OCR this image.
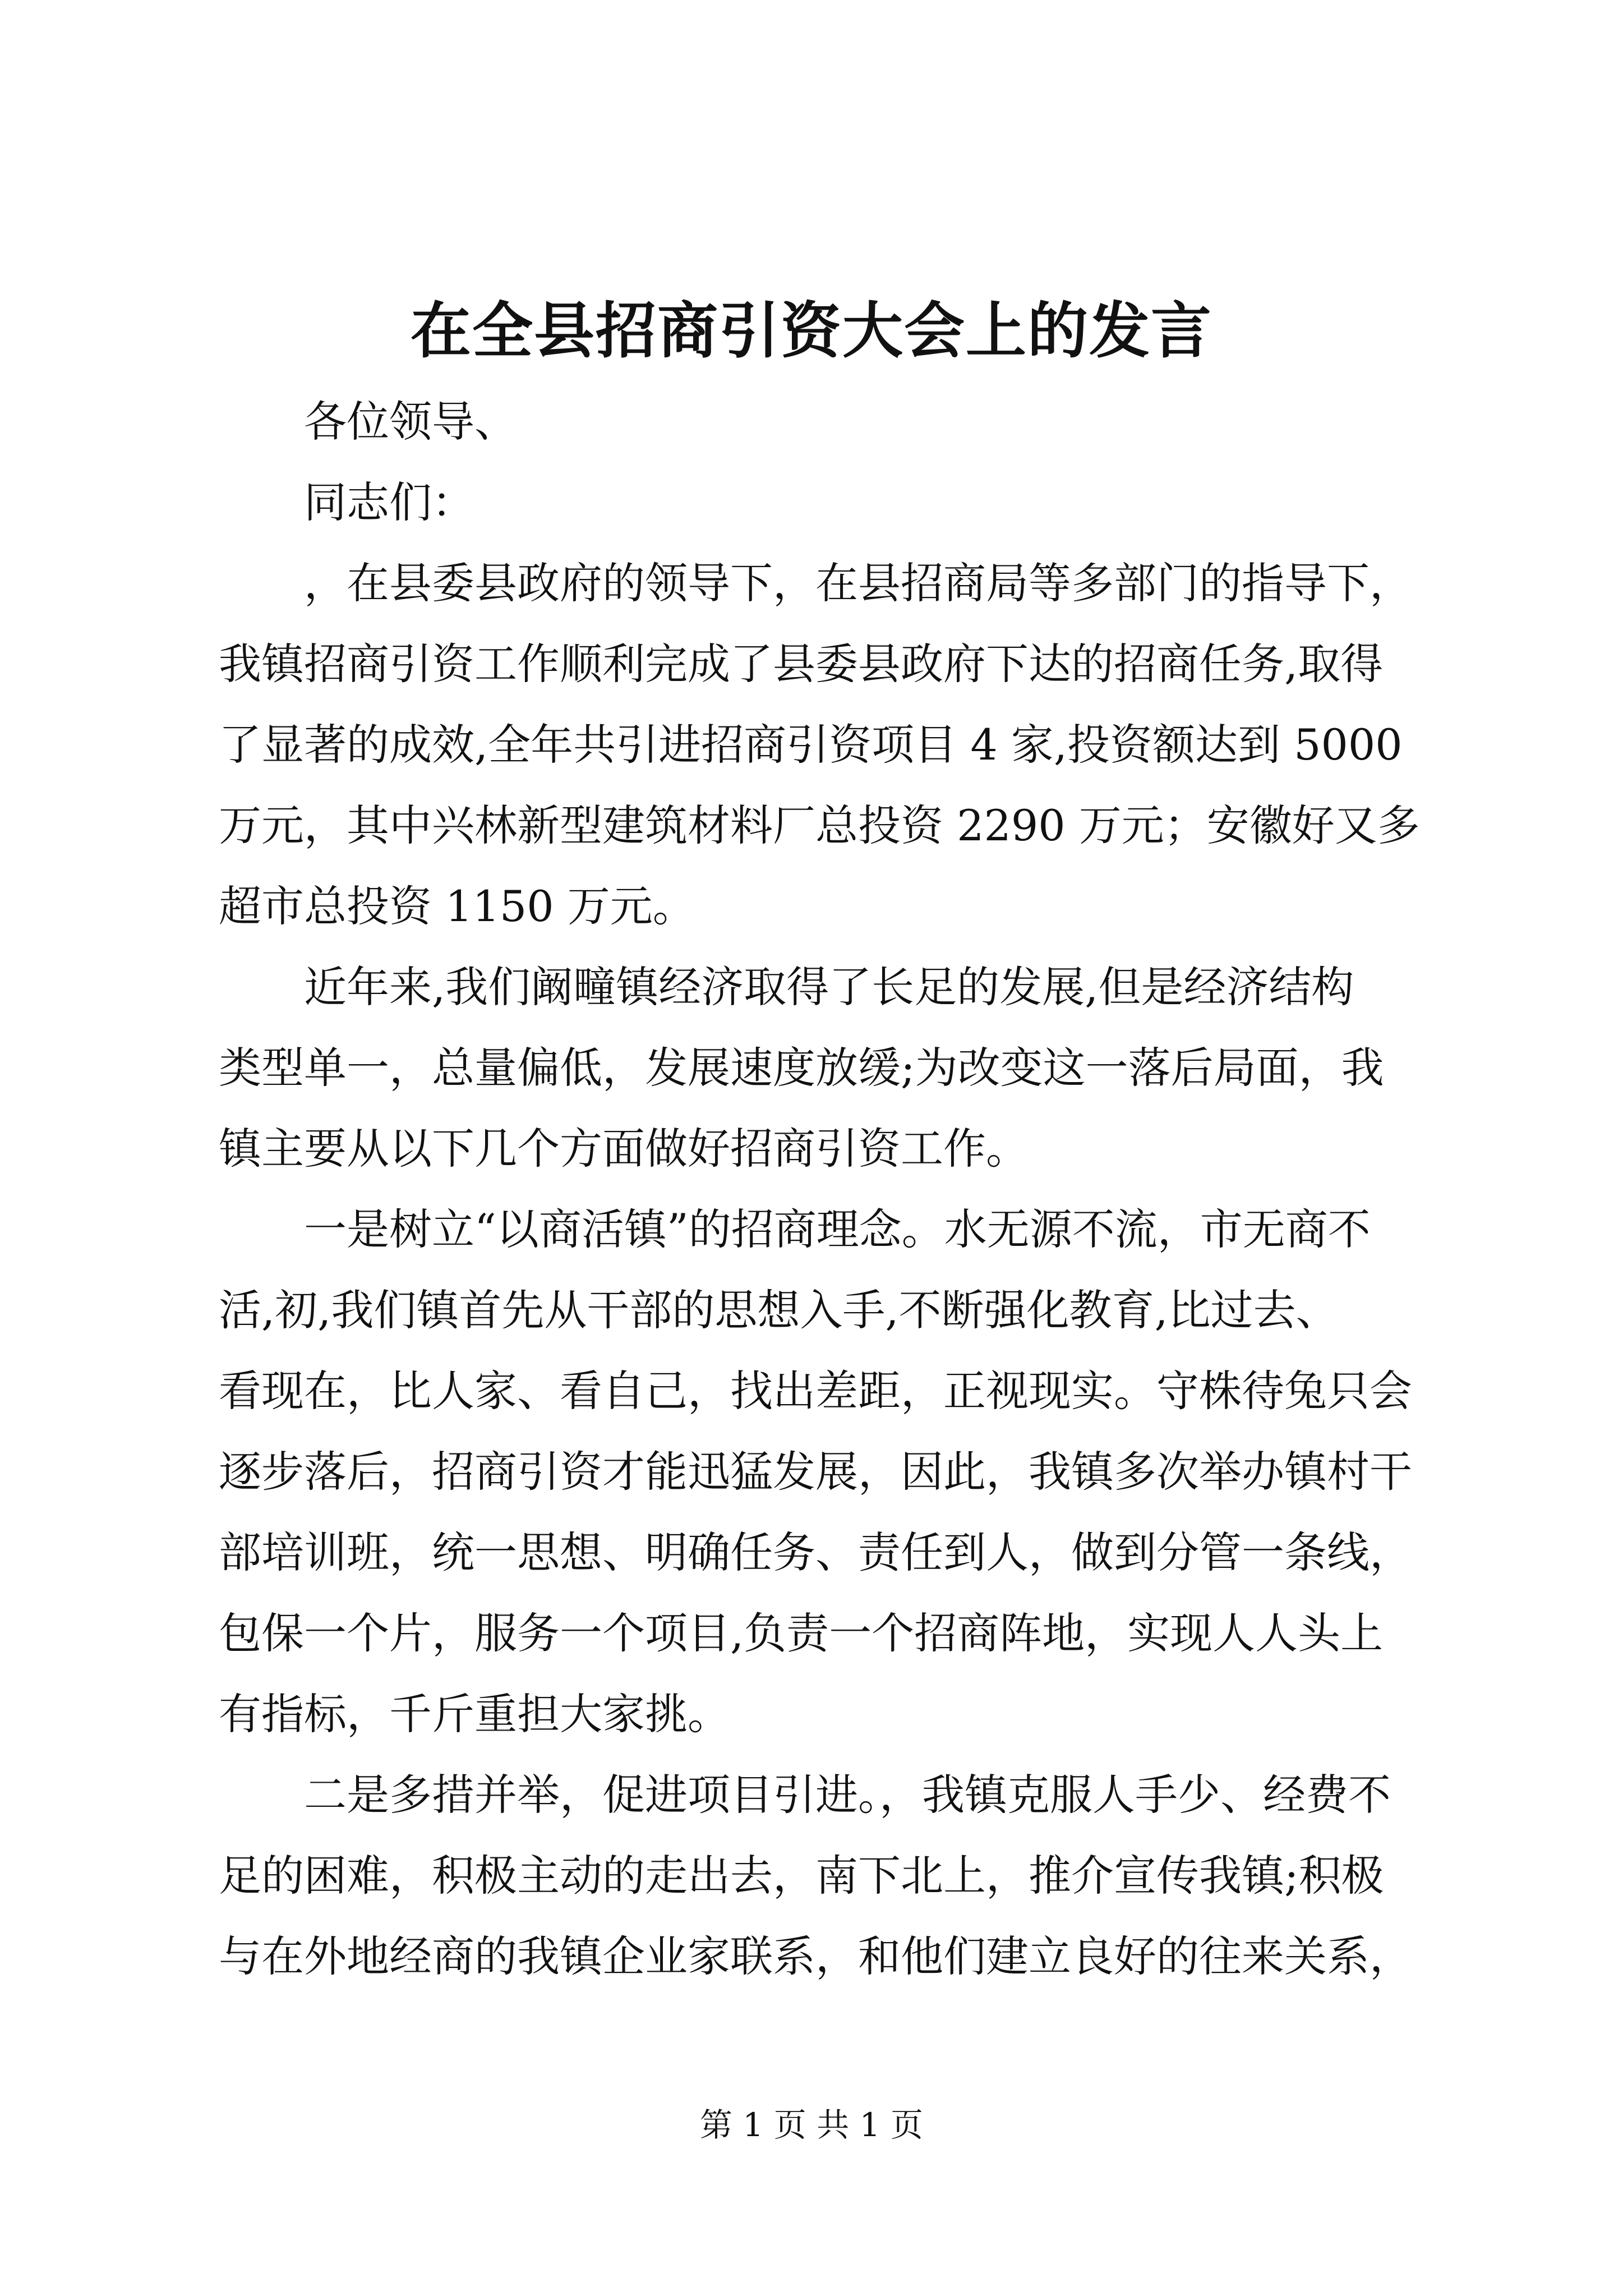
在全县招商引资大会上的发言
各位领导、
同志们：
，在县委县政府的领导下，在县招商局等多部门的指导下，
我镇招商引资工作顺利完成了县委县政府下达的招商任务,取得
了显著的成效,全年共引进招商引资项目 4 家,投资额达到 5000
万元，其中兴林新型建筑材料厂总投资 2290 万元；安徽好又多
超市总投资 1150 万元。
近年来,我们阚疃镇经济取得了长足的发展,但是经济结构
类型单一，总量偏低，发展速度放缓;为改变这一落后局面，我
镇主要从以下几个方面做好招商引资工作。
一是树立“以商活镇”的招商理念。水无源不流，市无商不
活,初,我们镇首先从干部的思想入手,不断强化教育,比过去、
看现在，比人家、看自己，找出差距，正视现实。守株待兔只会
逐步落后，招商引资才能迅猛发展，因此，我镇多次举办镇村干
部培训班，统一思想、明确任务、责任到人，做到分管一条线，
包保一个片，服务一个项目,负责一个招商阵地，实现人人头上
有指标，千斤重担大家挑。
二是多措并举，促进项目引进。，我镇克服人手少、经费不
足的困难，积极主动的走出去，南下北上，推介宣传我镇;积极
与在外地经商的我镇企业家联系，和他们建立良好的往来关系，
第 1 页 共 1 页
